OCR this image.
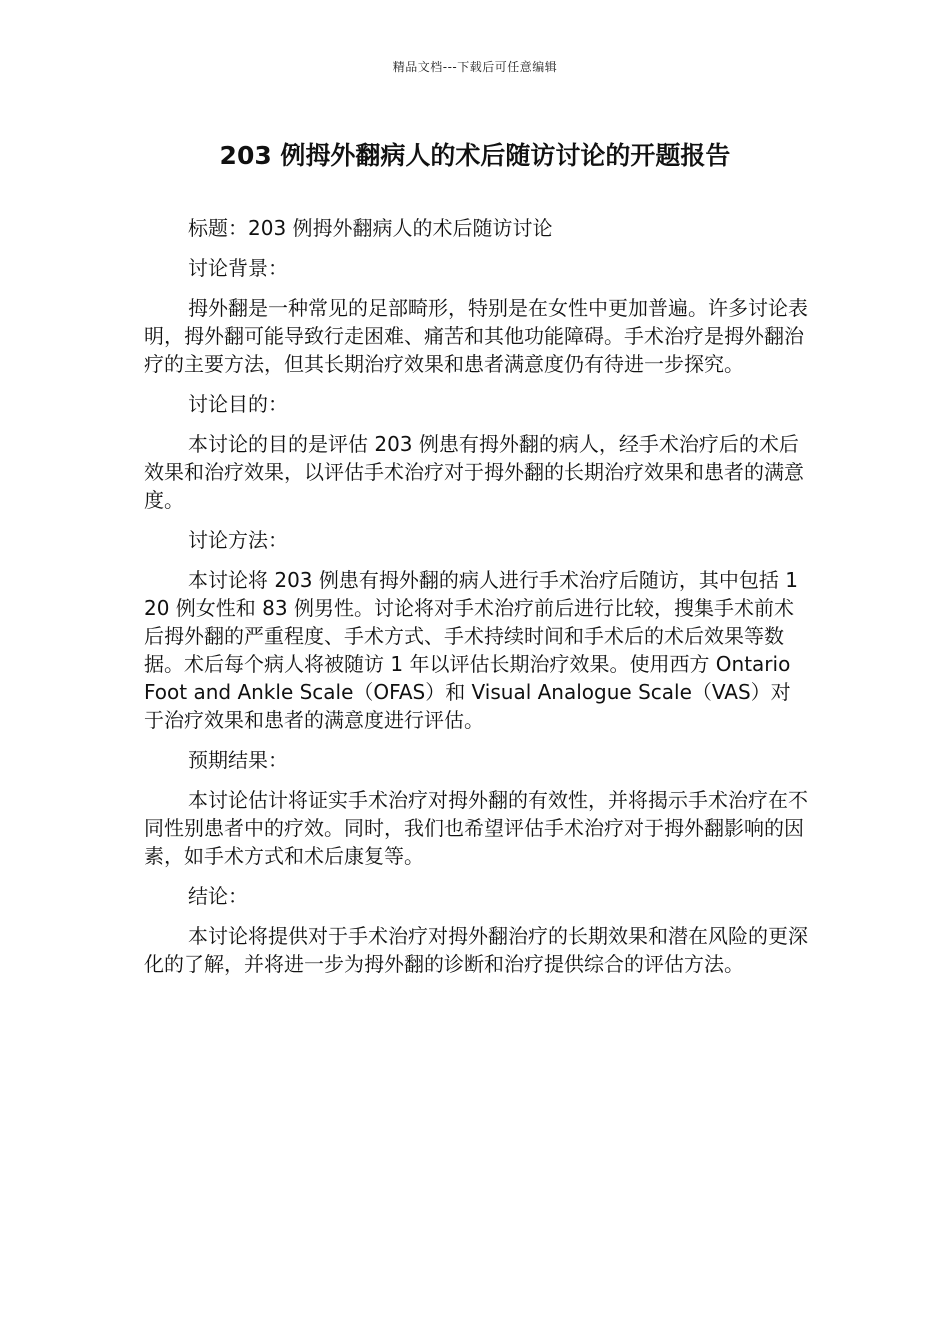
精品文档---下载后可任意编辑
203 例拇外翻病人的术后随访讨论的开题报告

标题：203 例拇外翻病人的术后随访讨论

讨论背景：

拇外翻是一种常见的足部畸形，特别是在女性中更加普遍。许多讨论表明，拇外翻可能导致行走困难、痛苦和其他功能障碍。手术治疗是拇外翻治疗的主要方法，但其长期治疗效果和患者满意度仍有待进一步探究。

讨论目的：

本讨论的目的是评估 203 例患有拇外翻的病人，经手术治疗后的术后效果和治疗效果，以评估手术治疗对于拇外翻的长期治疗效果和患者的满意度。

讨论方法：

本讨论将 203 例患有拇外翻的病人进行手术治疗后随访，其中包括 120 例女性和 83 例男性。讨论将对手术治疗前后进行比较，搜集手术前术后拇外翻的严重程度、手术方式、手术持续时间和手术后的术后效果等数据。术后每个病人将被随访 1 年以评估长期治疗效果。使用西方 Ontario Foot and Ankle Scale（OFAS）和 Visual Analogue Scale（VAS）对于治疗效果和患者的满意度进行评估。

预期结果：

本讨论估计将证实手术治疗对拇外翻的有效性，并将揭示手术治疗在不同性别患者中的疗效。同时，我们也希望评估手术治疗对于拇外翻影响的因素，如手术方式和术后康复等。

结论：

本讨论将提供对于手术治疗对拇外翻治疗的长期效果和潜在风险的更深化的了解，并将进一步为拇外翻的诊断和治疗提供综合的评估方法。
